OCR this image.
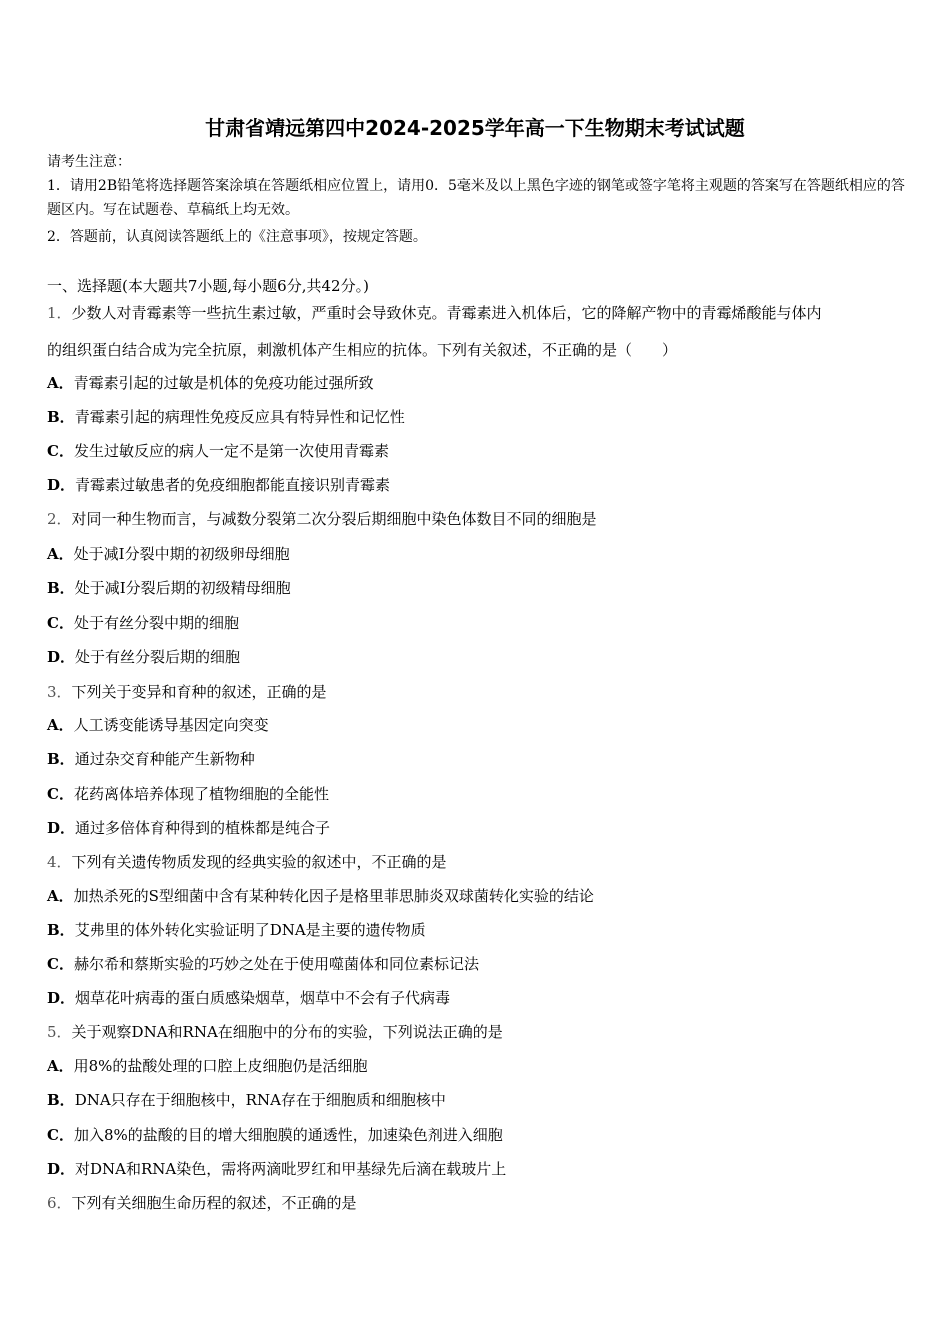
甘肃省靖远第四中2024-2025学年高一下生物期末考试试题
请考生注意：
1．请用2B铅笔将选择题答案涂填在答题纸相应位置上，请用0．5毫米及以上黑色字迹的钢笔或签字笔将主观题的答案写在答题纸相应的答题区内。写在试题卷、草稿纸上均无效。
2．答题前，认真阅读答题纸上的《注意事项》，按规定答题。
一、选择题(本大题共7小题,每小题6分,共42分。)
1．少数人对青霉素等一些抗生素过敏，严重时会导致休克。青霉素进入机体后，它的降解产物中的青霉烯酸能与体内
的组织蛋白结合成为完全抗原，刺激机体产生相应的抗体。下列有关叙述，不正确的是（　　）
A．青霉素引起的过敏是机体的免疫功能过强所致
B．青霉素引起的病理性免疫反应具有特异性和记忆性
C．发生过敏反应的病人一定不是第一次使用青霉素
D．青霉素过敏患者的免疫细胞都能直接识别青霉素
2．对同一种生物而言，与减数分裂第二次分裂后期细胞中染色体数目不同的细胞是
A．处于减Ⅰ分裂中期的初级卵母细胞
B．处于减Ⅰ分裂后期的初级精母细胞
C．处于有丝分裂中期的细胞
D．处于有丝分裂后期的细胞
3．下列关于变异和育种的叙述，正确的是
A．人工诱变能诱导基因定向突变
B．通过杂交育种能产生新物种
C．花药离体培养体现了植物细胞的全能性
D．通过多倍体育种得到的植株都是纯合子
4．下列有关遗传物质发现的经典实验的叙述中，不正确的是
A．加热杀死的S型细菌中含有某种转化因子是格里菲思肺炎双球菌转化实验的结论
B．艾弗里的体外转化实验证明了DNA是主要的遗传物质
C．赫尔希和蔡斯实验的巧妙之处在于使用噬菌体和同位素标记法
D．烟草花叶病毒的蛋白质感染烟草，烟草中不会有子代病毒
5．关于观察DNA和RNA在细胞中的分布的实验，下列说法正确的是
A．用8%的盐酸处理的口腔上皮细胞仍是活细胞
B．DNA只存在于细胞核中，RNA存在于细胞质和细胞核中
C．加入8%的盐酸的目的增大细胞膜的通透性，加速染色剂进入细胞
D．对DNA和RNA染色，需将两滴吡罗红和甲基绿先后滴在载玻片上
6．下列有关细胞生命历程的叙述，不正确的是
